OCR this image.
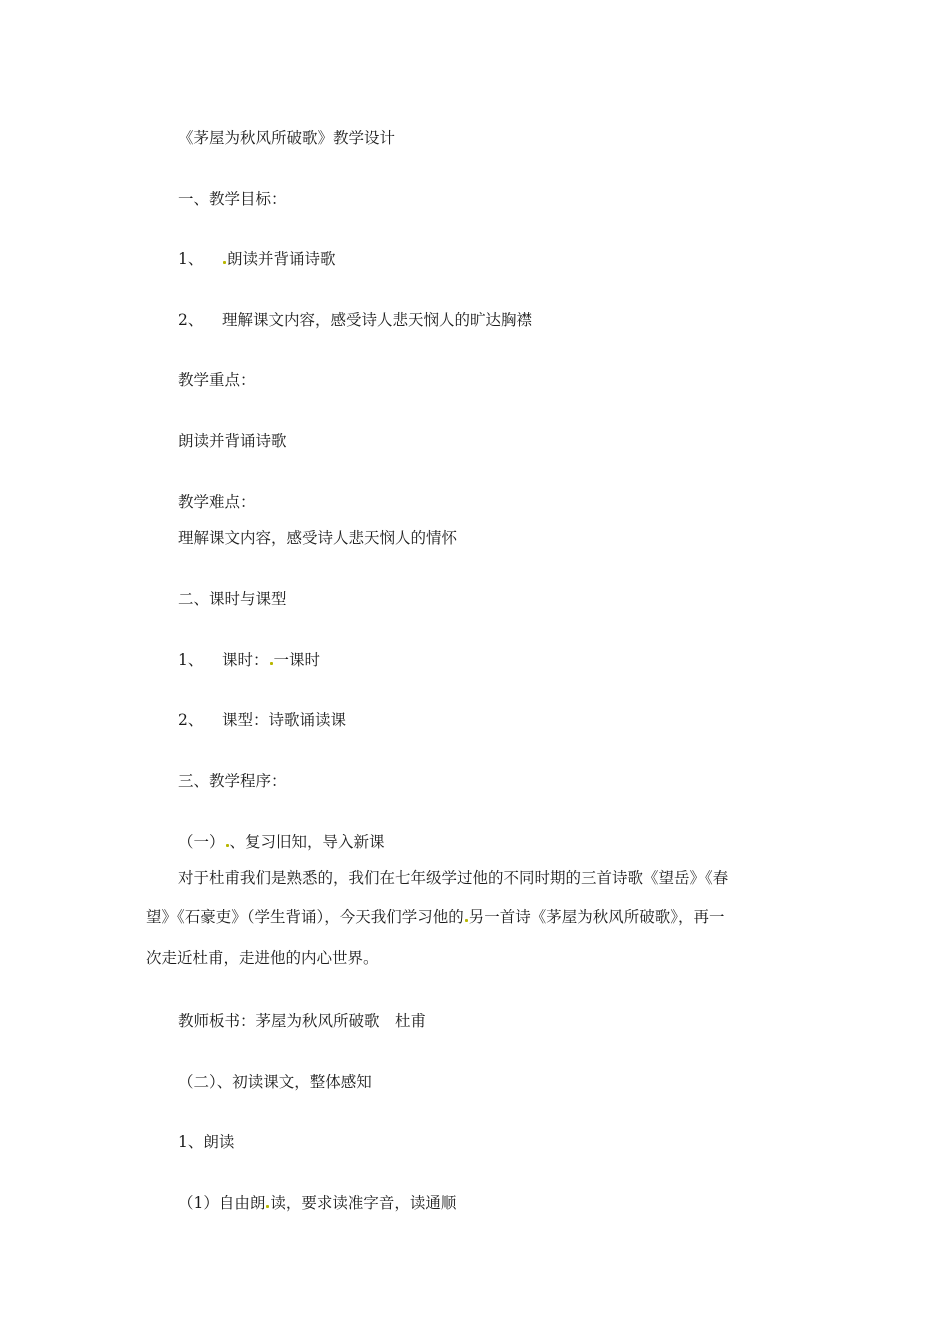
《茅屋为秋风所破歌》教学设计
一、教学目标：
1、 朗读并背诵诗歌
2、 理解课文内容，感受诗人悲天悯人的旷达胸襟
教学重点：
朗读并背诵诗歌
教学难点：
理解课文内容，感受诗人悲天悯人的情怀
二、课时与课型
1、 课时： 一课时
2、 课型：诗歌诵读课
三、教学程序：
（一） 、复习旧知，导入新课
对于杜甫我们是熟悉的，我们在七年级学过他的不同时期的三首诗歌《望岳》《春
望》《石豪吏》（学生背诵），今天我们学习他的 另一首诗《茅屋为秋风所破歌》，再一
次走近杜甫，走进他的内心世界。
教师板书：茅屋为秋风所破歌　杜甫
（二）、初读课文，整体感知
1、朗读
（1）自由朗 读，要求读准字音，读通顺
